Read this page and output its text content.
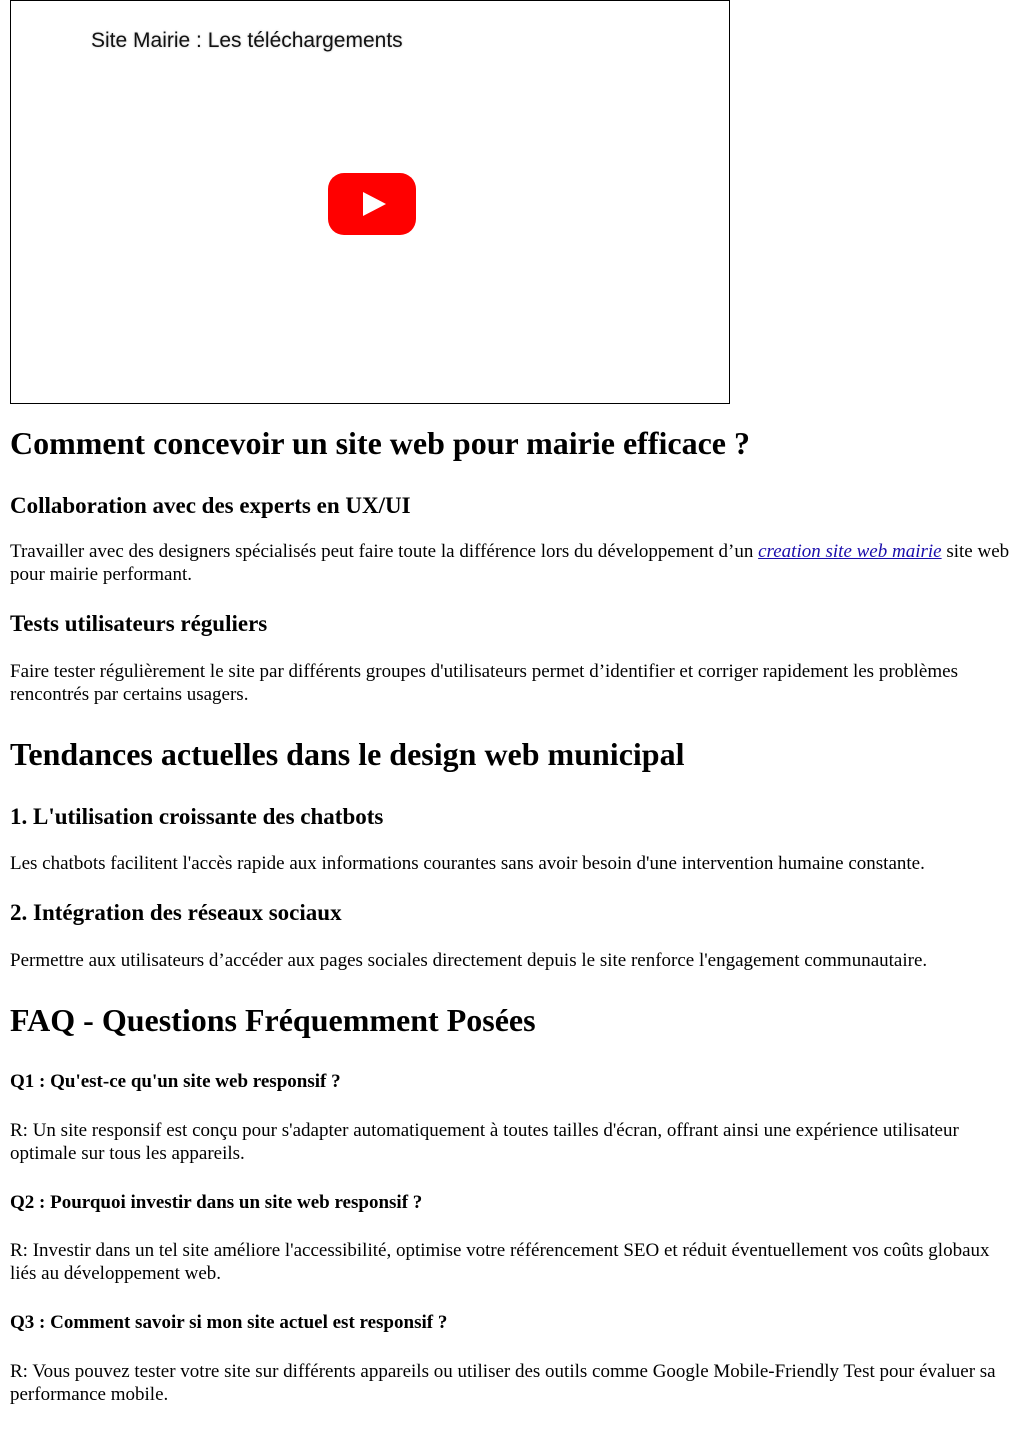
Site Mairie : Les téléchargements
Comment concevoir un site web pour mairie efficace ?
Collaboration avec des experts en UX/UI

Travailler avec des designers spécialisés peut faire toute la différence lors du développement d’un creation site web mairie site web pour mairie performant.

Tests utilisateurs réguliers

Faire tester régulièrement le site par différents groupes d'utilisateurs permet d’identifier et corriger rapidement les problèmes rencontrés par certains usagers.

Tendances actuelles dans le design web municipal
1. L'utilisation croissante des chatbots

Les chatbots facilitent l'accès rapide aux informations courantes sans avoir besoin d'une intervention humaine constante.

2. Intégration des réseaux sociaux

Permettre aux utilisateurs d’accéder aux pages sociales directement depuis le site renforce l'engagement communautaire.

FAQ - Questions Fréquemment Posées
Q1 : Qu'est-ce qu'un site web responsif ?

R: Un site responsif est conçu pour s'adapter automatiquement à toutes tailles d'écran, offrant ainsi une expérience utilisateur optimale sur tous les appareils.

Q2 : Pourquoi investir dans un site web responsif ?

R: Investir dans un tel site améliore l'accessibilité, optimise votre référencement SEO et réduit éventuellement vos coûts globaux liés au développement web.

Q3 : Comment savoir si mon site actuel est responsif ?

R: Vous pouvez tester votre site sur différents appareils ou utiliser des outils comme Google Mobile-Friendly Test pour évaluer sa performance mobile.
